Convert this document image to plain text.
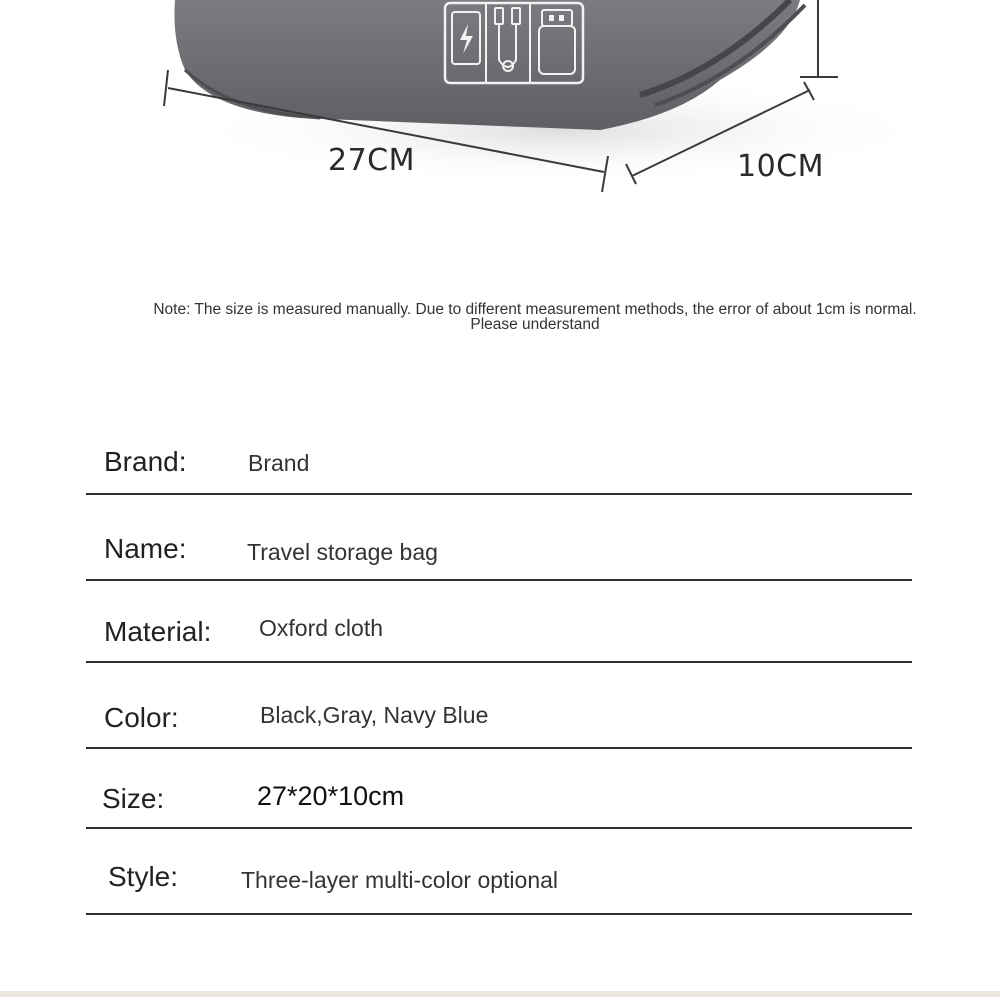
27CM	10CM
Note: The size is measured manually. Due to different measurement methods, the error of about 1cm is normal. Please understand
Brand:	Brand
Name:	Travel storage bag
Material: Oxford cloth
Color:	Black,Gray, Navy Blue
Size:	27*20*10cm
Style:	Three-layer multi-color optional
